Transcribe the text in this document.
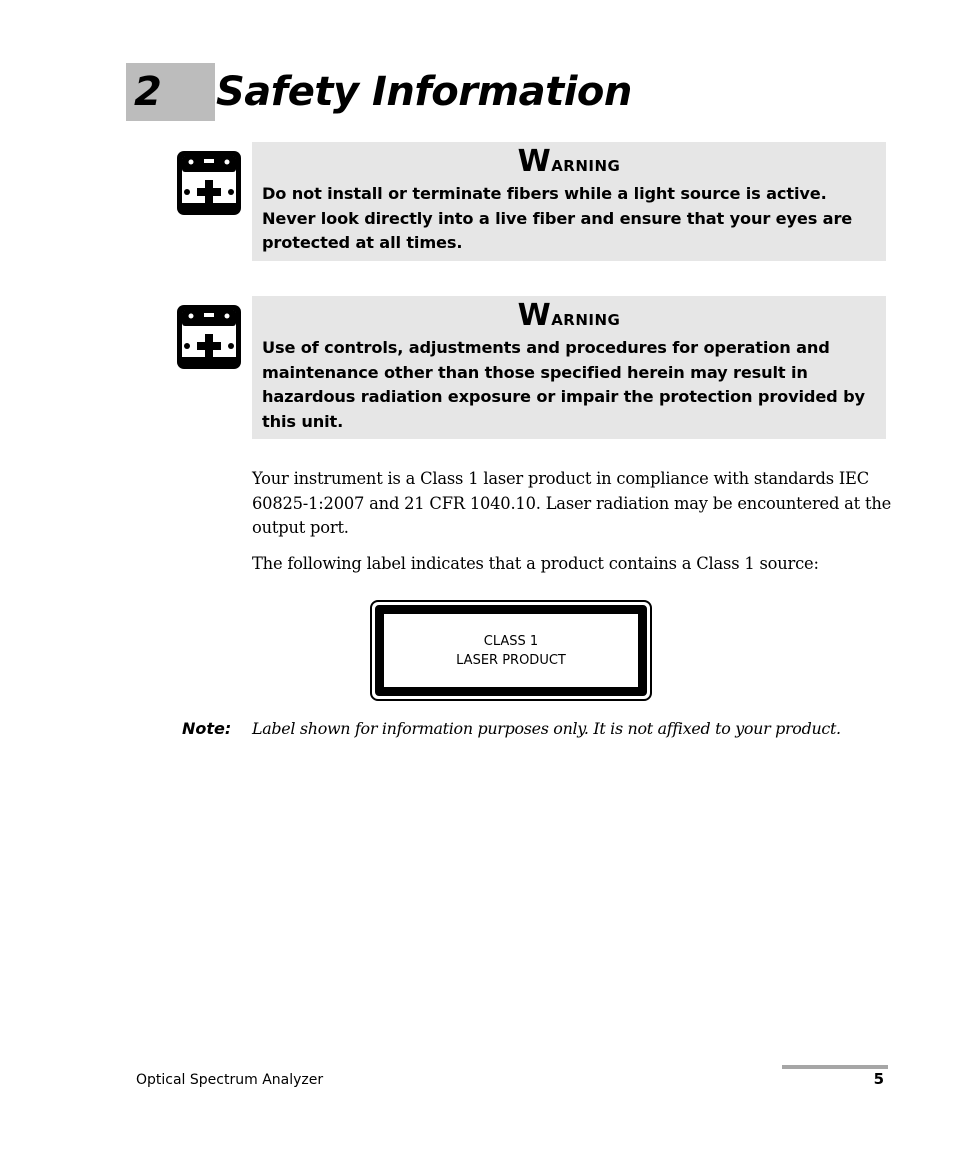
2	Safety Information
Warning
Do not install or terminate fibers while a light source is active. Never look directly into a live fiber and ensure that your eyes are protected at all times.
Warning
Use of controls, adjustments and procedures for operation and maintenance other than those specified herein may result in hazardous radiation exposure or impair the protection provided by this unit.
Your instrument is a Class 1 laser product in compliance with standards IEC 60825-1:2007 and 21 CFR 1040.10. Laser radiation may be encountered at the output port.
The following label indicates that a product contains a Class 1 source:
CLASS 1
LASER PRODUCT
Note: Label shown for information purposes only. It is not affixed to your product.
Optical Spectrum Analyzer	5
